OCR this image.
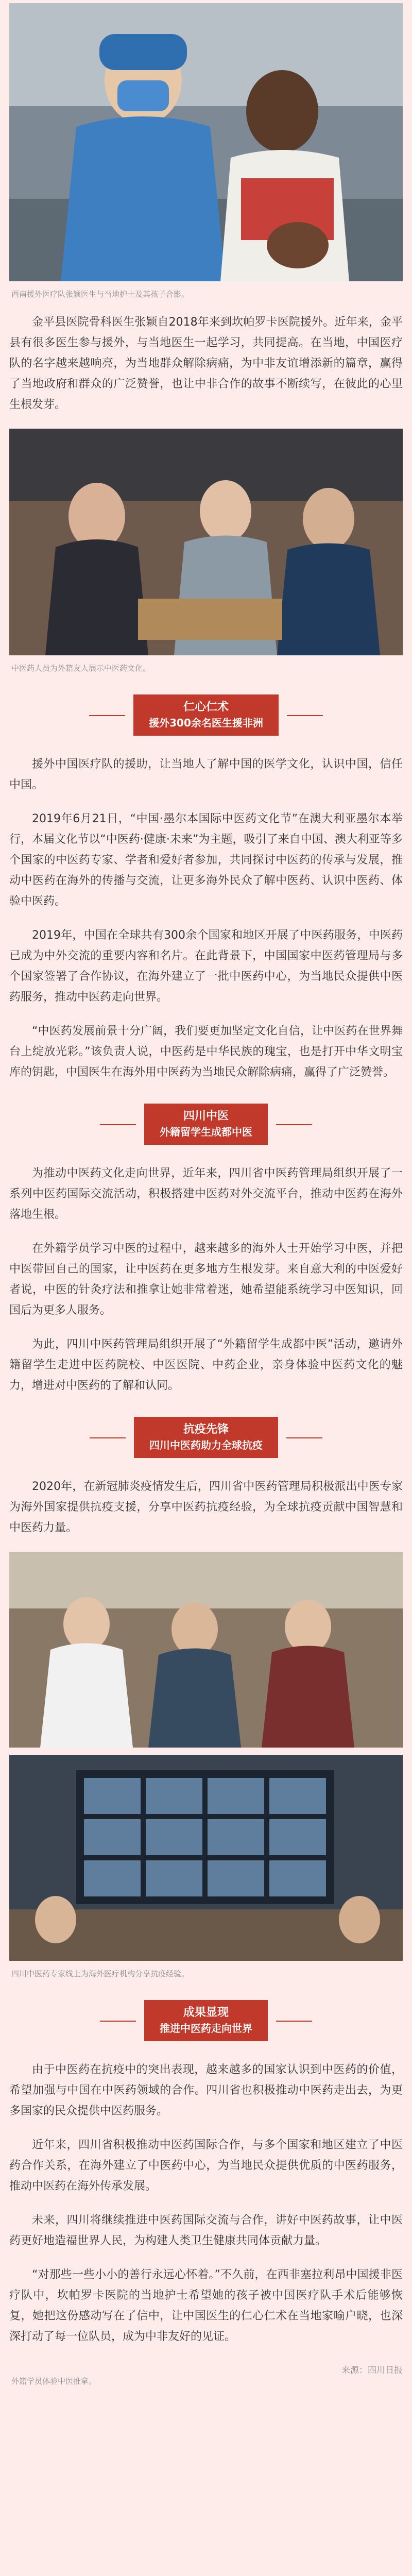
西南援外医疗队张颖医生与当地护士及其孩子合影。

金平县医院骨科医生张颖自2018年来到坎帕罗卡医院援外。近年来，金平县有很多医生参与援外，与当地医生一起学习，共同提高。在当地，中国医疗队的名字越来越响亮，为当地群众解除病痛，为中非友谊增添新的篇章，赢得了当地政府和群众的广泛赞誉，也让中非合作的故事不断续写，在彼此的心里生根发芽。

中医药人员为外籍友人展示中医药文化。
仁心仁术
援外300余名医生援非洲

援外中国医疗队的援助，让当地人了解中国的医学文化，认识中国，信任中国。

2019年6月21日，“中国·墨尔本国际中医药文化节”在澳大利亚墨尔本举行，本届文化节以“中医药·健康·未来”为主题，吸引了来自中国、澳大利亚等多个国家的中医药专家、学者和爱好者参加，共同探讨中医药的传承与发展，推动中医药在海外的传播与交流，让更多海外民众了解中医药、认识中医药、体验中医药。

2019年，中国在全球共有300余个国家和地区开展了中医药服务，中医药已成为中外交流的重要内容和名片。在此背景下，中国国家中医药管理局与多个国家签署了合作协议，在海外建立了一批中医药中心，为当地民众提供中医药服务，推动中医药走向世界。

“中医药发展前景十分广阔，我们要更加坚定文化自信，让中医药在世界舞台上绽放光彩。”该负责人说，中医药是中华民族的瑰宝，也是打开中华文明宝库的钥匙，中国医生在海外用中医药为当地民众解除病痛，赢得了广泛赞誉。

四川中医
外籍留学生成都中医

为推动中医药文化走向世界，近年来，四川省中医药管理局组织开展了一系列中医药国际交流活动，积极搭建中医药对外交流平台，推动中医药在海外落地生根。

在外籍学员学习中医的过程中，越来越多的海外人士开始学习中医，并把中医带回自己的国家，让中医药在更多地方生根发芽。来自意大利的中医爱好者说，中医的针灸疗法和推拿让她非常着迷，她希望能系统学习中医知识，回国后为更多人服务。

为此，四川中医药管理局组织开展了“外籍留学生成都中医”活动，邀请外籍留学生走进中医药院校、中医医院、中药企业，亲身体验中医药文化的魅力，增进对中医药的了解和认同。

抗疫先锋
四川中医药助力全球抗疫

2020年，在新冠肺炎疫情发生后，四川省中医药管理局积极派出中医专家为海外国家提供抗疫支援，分享中医药抗疫经验，为全球抗疫贡献中国智慧和中医药力量。

四川中医药专家线上为海外医疗机构分享抗疫经验。
成果显现
推进中医药走向世界

由于中医药在抗疫中的突出表现，越来越多的国家认识到中医药的价值，希望加强与中国在中医药领域的合作。四川省也积极推动中医药走出去，为更多国家的民众提供中医药服务。

近年来，四川省积极推动中医药国际合作，与多个国家和地区建立了中医药合作关系，在海外建立了中医药中心，为当地民众提供优质的中医药服务，推动中医药在海外传承发展。

未来，四川将继续推进中医药国际交流与合作，讲好中医药故事，让中医药更好地造福世界人民，为构建人类卫生健康共同体贡献力量。

“对那些一些小小的善行永远心怀着。”不久前，在西非塞拉利昂中国援非医疗队中，坎帕罗卡医院的当地护士希望她的孩子被中国医疗队手术后能够恢复，她把这份感动写在了信中，让中国医生的仁心仁术在当地家喻户晓，也深深打动了每一位队员，成为中非友好的见证。

来源：四川日报
外籍学员体验中医推拿。
